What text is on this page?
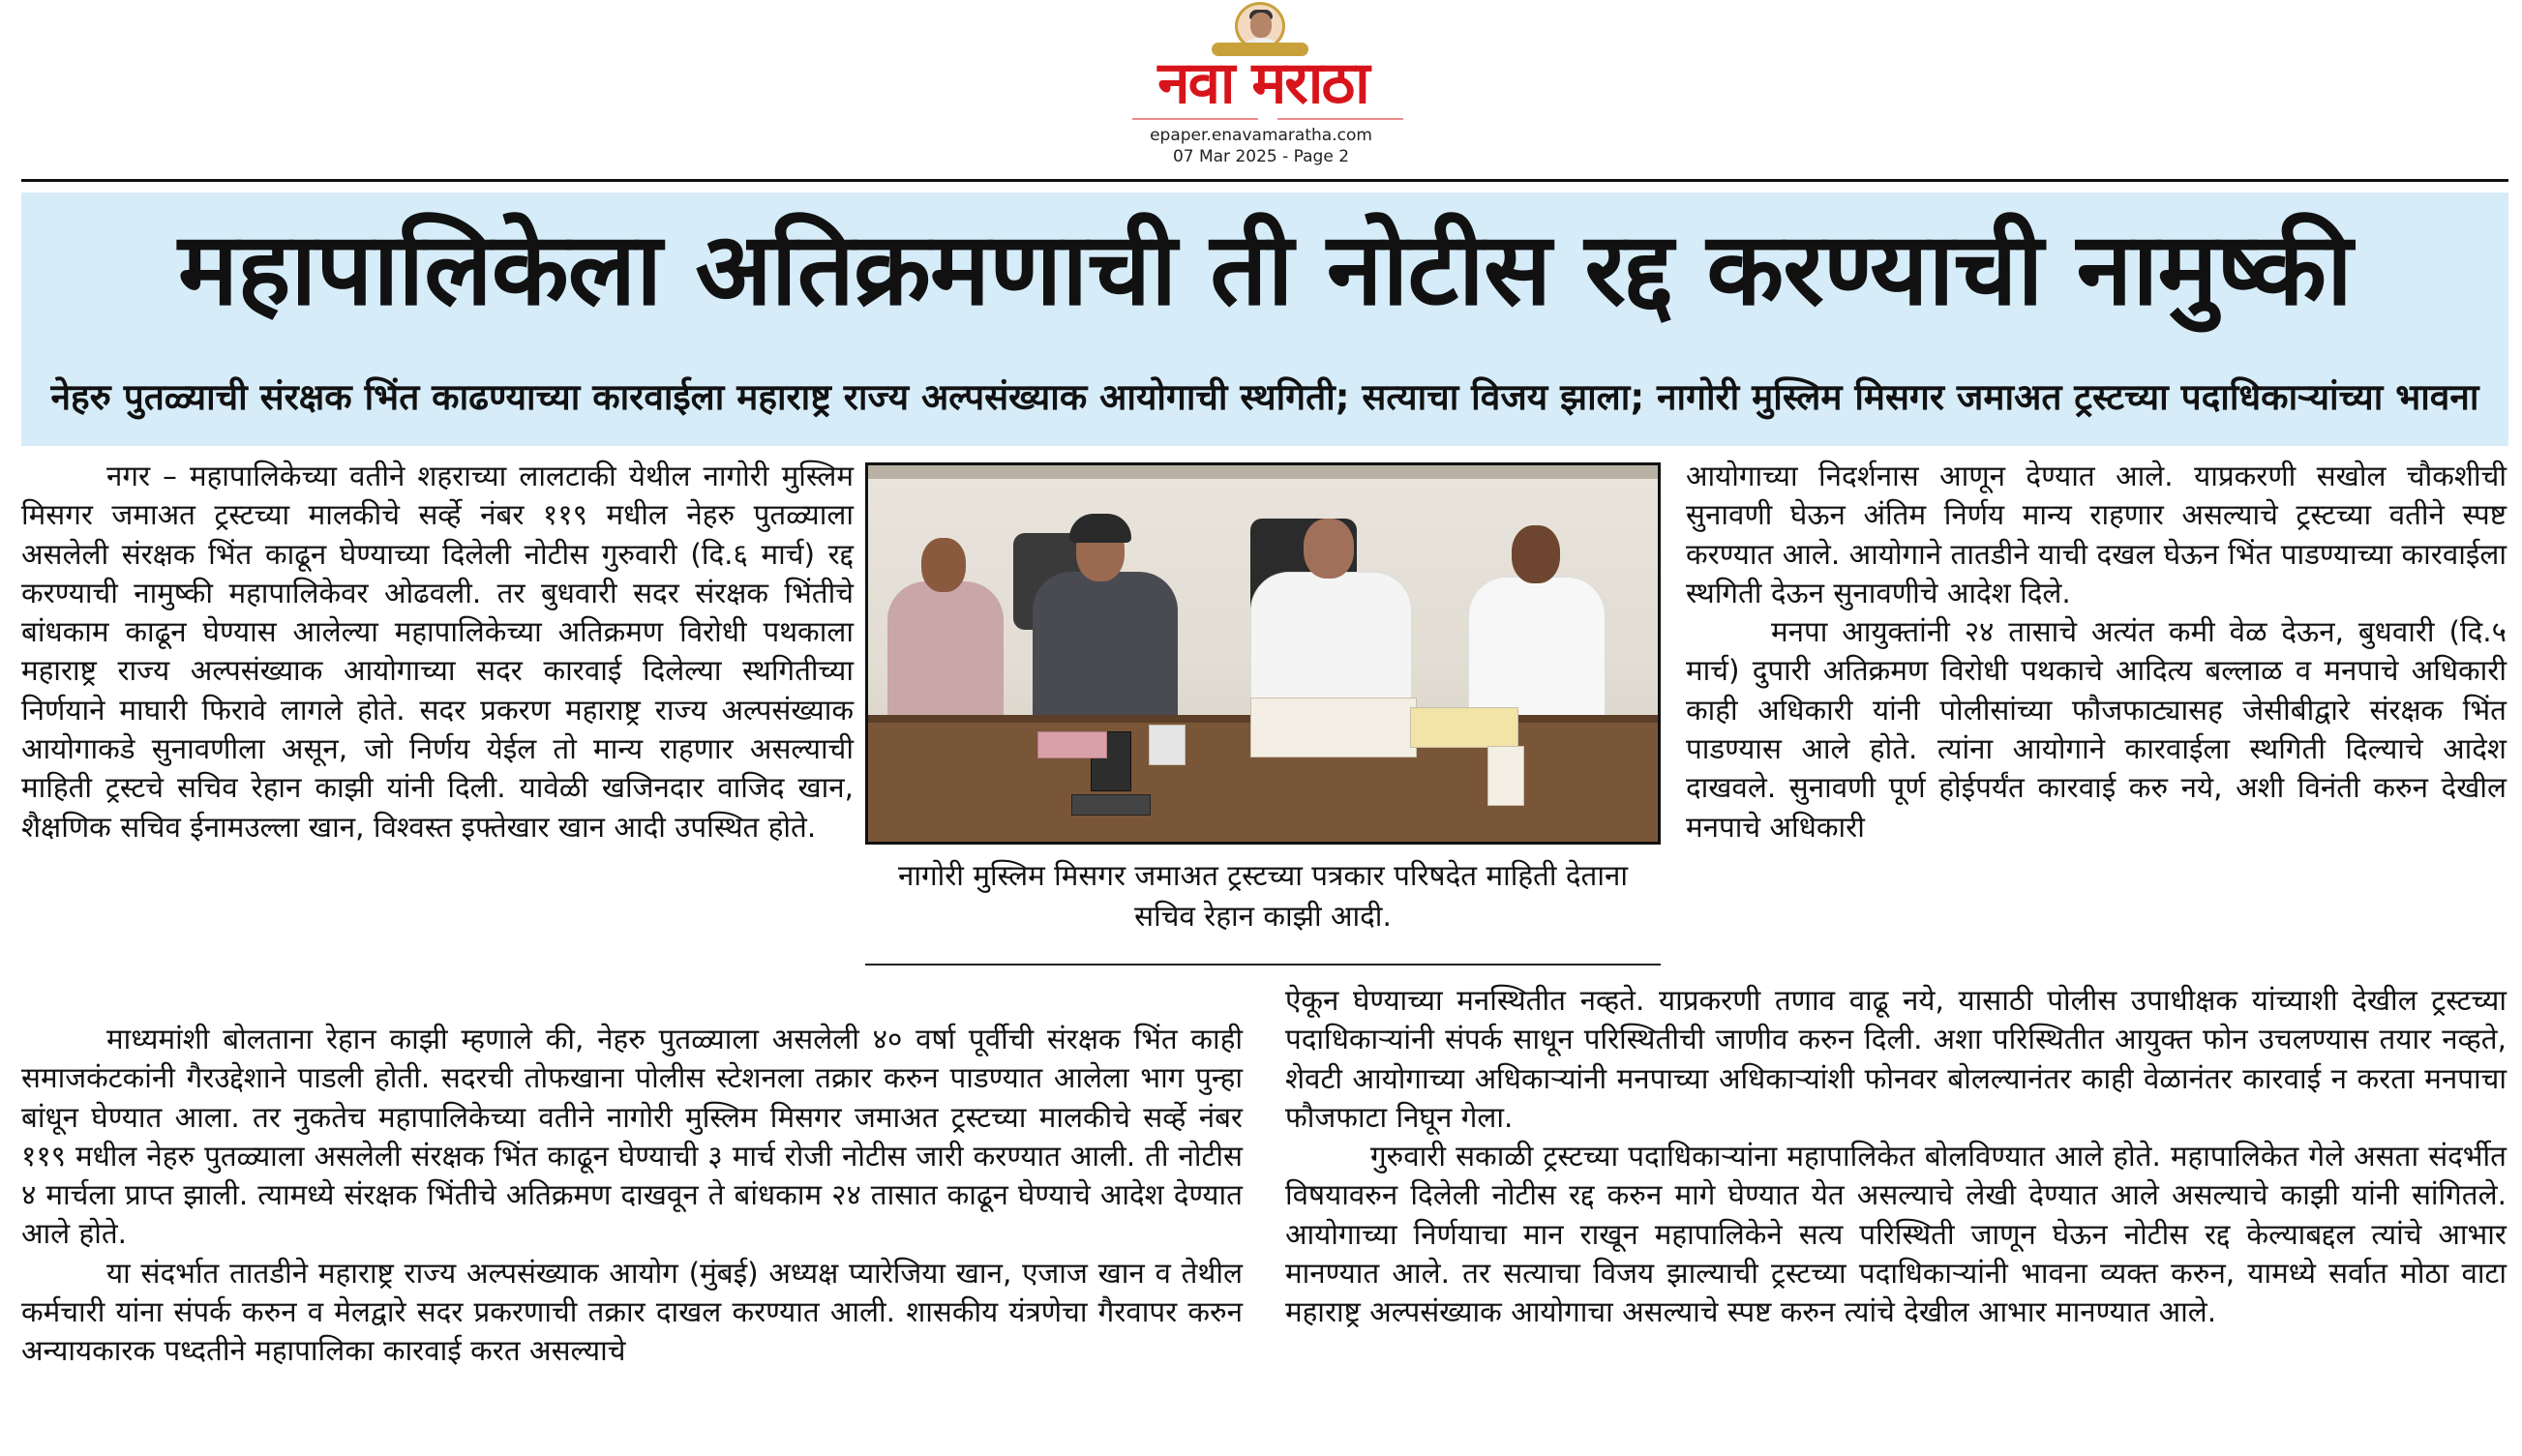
नवा मराठा
epaper.enavamaratha.com
07 Mar 2025 - Page 2
महापालिकेला अतिक्रमणाची ती नोटीस रद्द करण्याची नामुष्की
नेहरु पुतळ्याची संरक्षक भिंत काढण्याच्या कारवाईला महाराष्ट्र राज्य अल्पसंख्याक आयोगाची स्थगिती; सत्याचा विजय झाला; नागोरी मुस्लिम मिसगर जमाअत ट्रस्टच्या पदाधिकार्‍यांच्या भावना

नगर – महापालिकेच्या वतीने शहराच्या लालटाकी येथील नागोरी मुस्लिम मिसगर जमाअत ट्रस्टच्या मालकीचे सर्व्हे नंबर ११९ मधील नेहरु पुतळ्याला असलेली संरक्षक भिंत काढून घेण्याच्या दिलेली नोटीस गुरुवारी (दि.६ मार्च) रद्द करण्याची नामुष्की महापालिकेवर ओढवली. तर बुधवारी सदर संरक्षक भिंतीचे बांधकाम काढून घेण्यास आलेल्या महापालिकेच्या अतिक्रमण विरोधी पथकाला महाराष्ट्र राज्य अल्पसंख्याक आयोगाच्या सदर कारवाई दिलेल्या स्थगितीच्या निर्णयाने माघारी फिरावे लागले होते. सदर प्रकरण महाराष्ट्र राज्य अल्पसंख्याक आयोगाकडे सुनावणीला असून, जो निर्णय येईल तो मान्य राहणार असल्याची माहिती ट्रस्टचे सचिव रेहान काझी यांनी दिली. यावेळी खजिनदार वाजिद खान, शैक्षणिक सचिव ईनामउल्ला खान, विश्वस्त इफ्तेखार खान आदी उपस्थित होते.

नागोरी मुस्लिम मिसगर जमाअत ट्रस्टच्या पत्रकार परिषदेत माहिती देताना सचिव रेहान काझी आदी.

आयोगाच्या निदर्शनास आणून देण्यात आले. याप्रकरणी सखोल चौकशीची सुनावणी घेऊन अंतिम निर्णय मान्य राहणार असल्याचे ट्रस्टच्या वतीने स्पष्ट करण्यात आले. आयोगाने तातडीने याची दखल घेऊन भिंत पाडण्याच्या कारवाईला स्थगिती देऊन सुनावणीचे आदेश दिले.

मनपा आयुक्तांनी २४ तासाचे अत्यंत कमी वेळ देऊन, बुधवारी (दि.५ मार्च) दुपारी अतिक्रमण विरोधी पथकाचे आदित्य बल्लाळ व मनपाचे अधिकारी काही अधिकारी यांनी पोलीसांच्या फौजफाट्यासह जेसीबीद्वारे संरक्षक भिंत पाडण्यास आले होते. त्यांना आयोगाने कारवाईला स्थगिती दिल्याचे आदेश दाखवले. सुनावणी पूर्ण होईपर्यंत कारवाई करु नये, अशी विनंती करुन देखील मनपाचे अधिकारी

माध्यमांशी बोलताना रेहान काझी म्हणाले की, नेहरु पुतळ्याला असलेली ४० वर्षा पूर्वीची संरक्षक भिंत काही समाजकंटकांनी गैरउद्देशाने पाडली होती. सदरची तोफखाना पोलीस स्टेशनला तक्रार करुन पाडण्यात आलेला भाग पुन्हा बांधून घेण्यात आला. तर नुकतेच महापालिकेच्या वतीने नागोरी मुस्लिम मिसगर जमाअत ट्रस्टच्या मालकीचे सर्व्हे नंबर ११९ मधील नेहरु पुतळ्याला असलेली संरक्षक भिंत काढून घेण्याची ३ मार्च रोजी नोटीस जारी करण्यात आली. ती नोटीस ४ मार्चला प्राप्त झाली. त्यामध्ये संरक्षक भिंतीचे अतिक्रमण दाखवून ते बांधकाम २४ तासात काढून घेण्याचे आदेश देण्यात आले होते.

या संदर्भात तातडीने महाराष्ट्र राज्य अल्पसंख्याक आयोग (मुंबई) अध्यक्ष प्यारेजिया खान, एजाज खान व तेथील कर्मचारी यांना संपर्क करुन व मेलद्वारे सदर प्रकरणाची तक्रार दाखल करण्यात आली. शासकीय यंत्रणेचा गैरवापर करुन अन्यायकारक पध्दतीने महापालिका कारवाई करत असल्याचे

ऐकून घेण्याच्या मनस्थितीत नव्हते. याप्रकरणी तणाव वाढू नये, यासाठी पोलीस उपाधीक्षक यांच्याशी देखील ट्रस्टच्या पदाधिकार्‍यांनी संपर्क साधून परिस्थितीची जाणीव करुन दिली. अशा परिस्थितीत आयुक्त फोन उचलण्यास तयार नव्हते, शेवटी आयोगाच्या अधिकार्‍यांनी मनपाच्या अधिकार्‍यांशी फोनवर बोलल्यानंतर काही वेळानंतर कारवाई न करता मनपाचा फौजफाटा निघून गेला.

गुरुवारी सकाळी ट्रस्टच्या पदाधिकार्‍यांना महापालिकेत बोलविण्यात आले होते. महापालिकेत गेले असता संदर्भीत विषयावरुन दिलेली नोटीस रद्द करुन मागे घेण्यात येत असल्याचे लेखी देण्यात आले असल्याचे काझी यांनी सांगितले. आयोगाच्या निर्णयाचा मान राखून महापालिकेने सत्य परिस्थिती जाणून घेऊन नोटीस रद्द केल्याबद्दल त्यांचे आभार मानण्यात आले. तर सत्याचा विजय झाल्याची ट्रस्टच्या पदाधिकार्‍यांनी भावना व्यक्त करुन, यामध्ये सर्वात मोठा वाटा महाराष्ट्र अल्पसंख्याक आयोगाचा असल्याचे स्पष्ट करुन त्यांचे देखील आभार मानण्यात आले.
